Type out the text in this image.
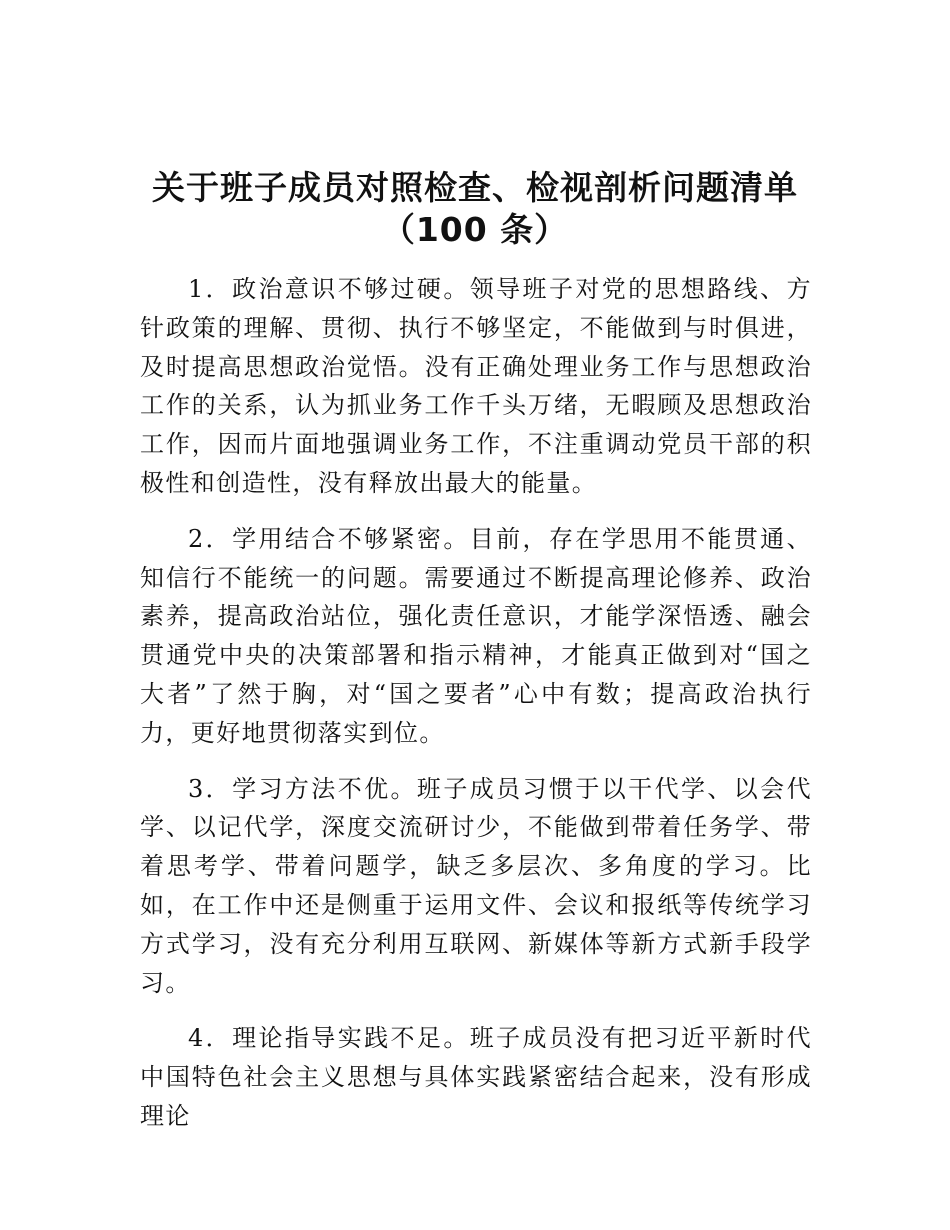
关于班子成员对照检查、检视剖析问题清单
（100 条）

1．政治意识不够过硬。领导班子对党的思想路线、方针政策的理解、贯彻、执行不够坚定，不能做到与时俱进，及时提高思想政治觉悟。没有正确处理业务工作与思想政治工作的关系，认为抓业务工作千头万绪，无暇顾及思想政治工作，因而片面地强调业务工作，不注重调动党员干部的积极性和创造性，没有释放出最大的能量。

2．学用结合不够紧密。目前，存在学思用不能贯通、知信行不能统一的问题。需要通过不断提高理论修养、政治素养，提高政治站位，强化责任意识，才能学深悟透、融会贯通党中央的决策部署和指示精神，才能真正做到对“国之大者”了然于胸，对“国之要者”心中有数；提高政治执行力，更好地贯彻落实到位。

3．学习方法不优。班子成员习惯于以干代学、以会代学、以记代学，深度交流研讨少，不能做到带着任务学、带着思考学、带着问题学，缺乏多层次、多角度的学习。比如，在工作中还是侧重于运用文件、会议和报纸等传统学习方式学习，没有充分利用互联网、新媒体等新方式新手段学习。

4．理论指导实践不足。班子成员没有把习近平新时代中国特色社会主义思想与具体实践紧密结合起来，没有形成理论
